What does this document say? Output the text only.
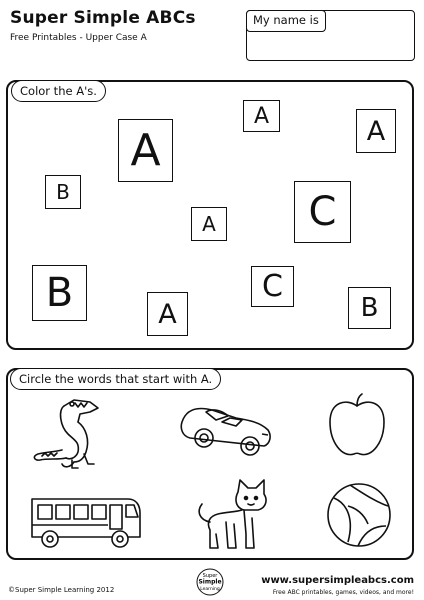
Super Simple ABCs
Free Printables - Upper Case A
My name is
Color the A's.
A
A	A
B
A	C
B	C
A	B
Circle the words that start with A.
©Super Simple Learning 2012
Super
Simple
Learning
www.supersimpleabcs.com
Free ABC printables, games, videos, and more!
